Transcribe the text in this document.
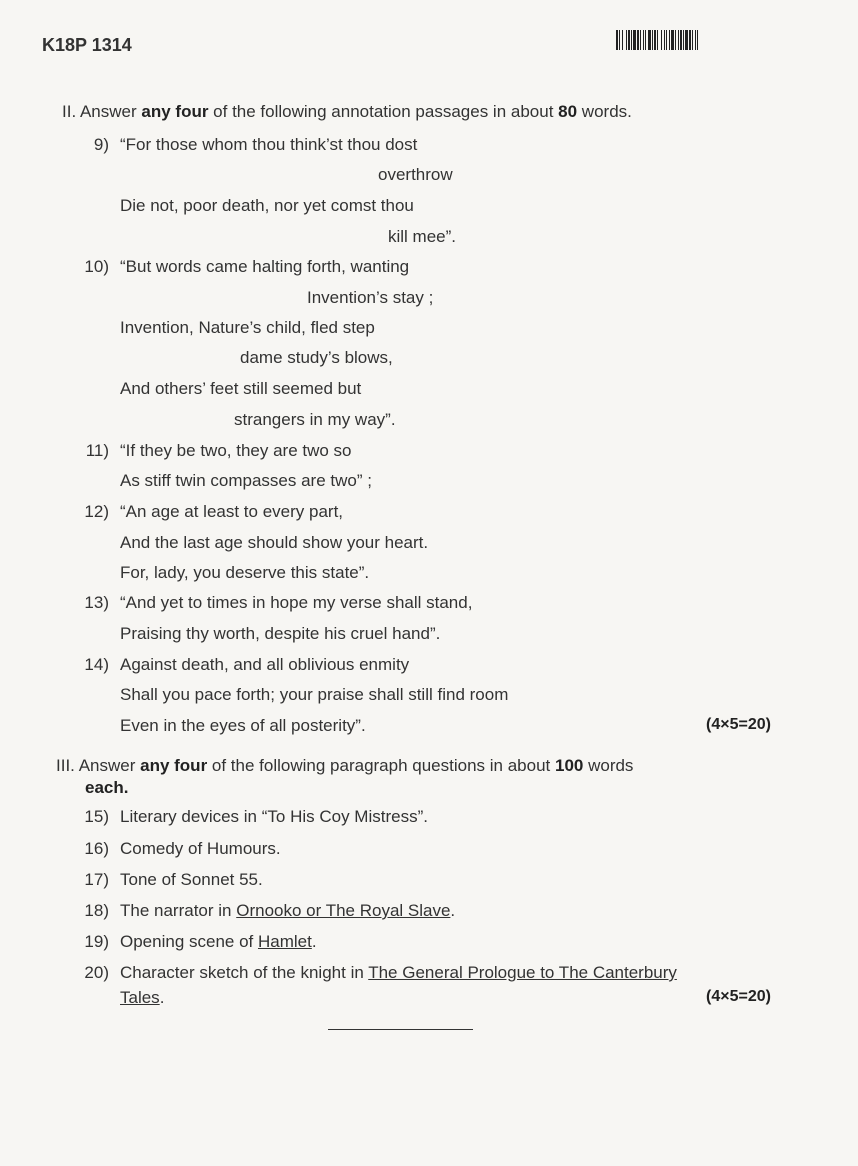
K18P 1314
II. Answer any four of the following annotation passages in about 80 words.
9) “For those whom thou think’st thou dost
overthrow
Die not, poor death, nor yet comst thou
kill mee”.
10) “But words came halting forth, wanting
Invention’s stay ;
Invention, Nature’s child, fled step
dame study’s blows,
And others’ feet still seemed but
strangers in my way”.
11) “If they be two, they are two so
As stiff twin compasses are two” ;
12) “An age at least to every part,
And the last age should show your heart.
For, lady, you deserve this state”.
13) “And yet to times in hope my verse shall stand,
Praising thy worth, despite his cruel hand”.
14) Against death, and all oblivious enmity
Shall you pace forth; your praise shall still find room
Even in the eyes of all posterity”.	(4×5=20)
III. Answer any four of the following paragraph questions in about 100 words
each.
15) Literary devices in “To His Coy Mistress”.
16) Comedy of Humours.
17) Tone of Sonnet 55.
18) The narrator in Ornooko or The Royal Slave.
19) Opening scene of Hamlet.
20) Character sketch of the knight in The General Prologue to The Canterbury
Tales.	(4×5=20)
